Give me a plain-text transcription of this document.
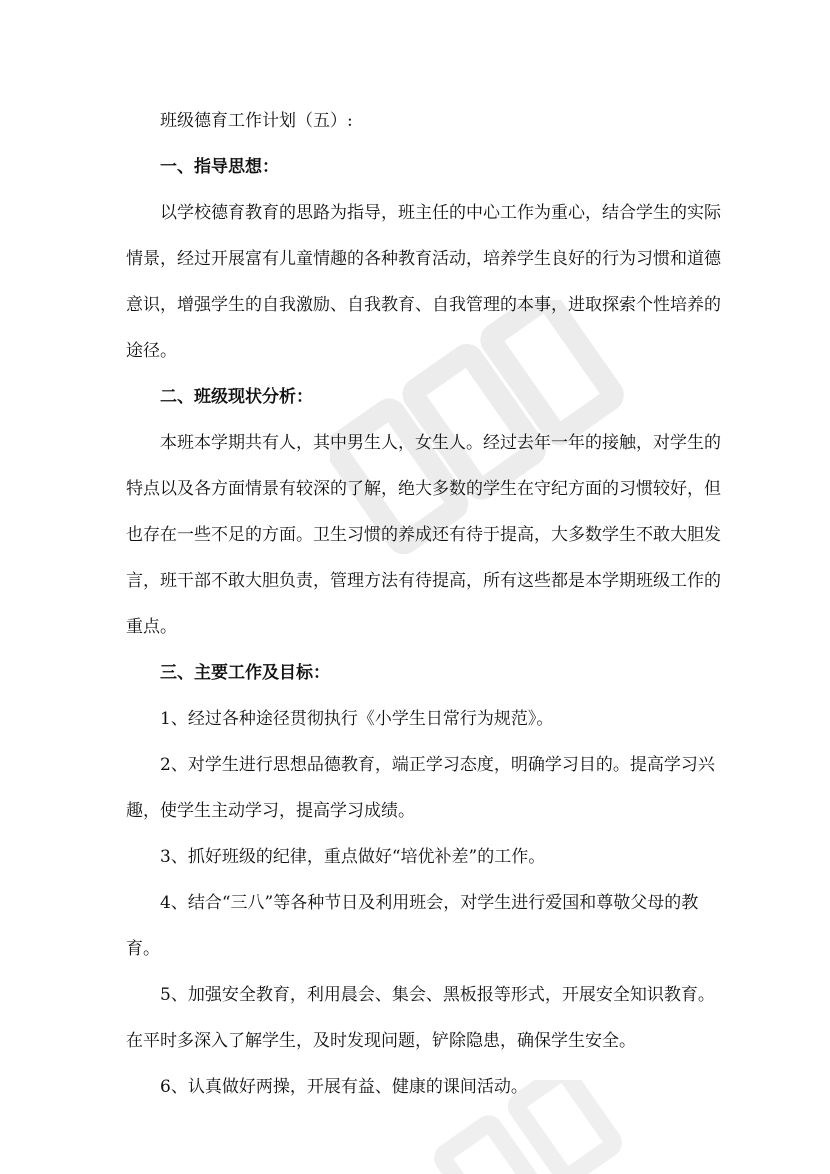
班级德育工作计划（五）:

一、指导思想：

以学校德育教育的思路为指导，班主任的中心工作为重心，结合学生的实际

情景，经过开展富有儿童情趣的各种教育活动，培养学生良好的行为习惯和道德

意识，增强学生的自我激励、自我教育、自我管理的本事，进取探索个性培养的

途径。

二、班级现状分析：

本班本学期共有人，其中男生人，女生人。经过去年一年的接触，对学生的

特点以及各方面情景有较深的了解，绝大多数的学生在守纪方面的习惯较好，但

也存在一些不足的方面。卫生习惯的养成还有待于提高，大多数学生不敢大胆发

言，班干部不敢大胆负责，管理方法有待提高，所有这些都是本学期班级工作的

重点。

三、主要工作及目标：

1、经过各种途径贯彻执行《小学生日常行为规范》。

2、对学生进行思想品德教育，端正学习态度，明确学习目的。提高学习兴

趣，使学生主动学习，提高学习成绩。

3、抓好班级的纪律，重点做好“培优补差”的工作。

4、结合“三八”等各种节日及利用班会，对学生进行爱国和尊敬父母的教

育。

5、加强安全教育，利用晨会、集会、黑板报等形式，开展安全知识教育。

在平时多深入了解学生，及时发现问题，铲除隐患，确保学生安全。

6、认真做好两操，开展有益、健康的课间活动。
